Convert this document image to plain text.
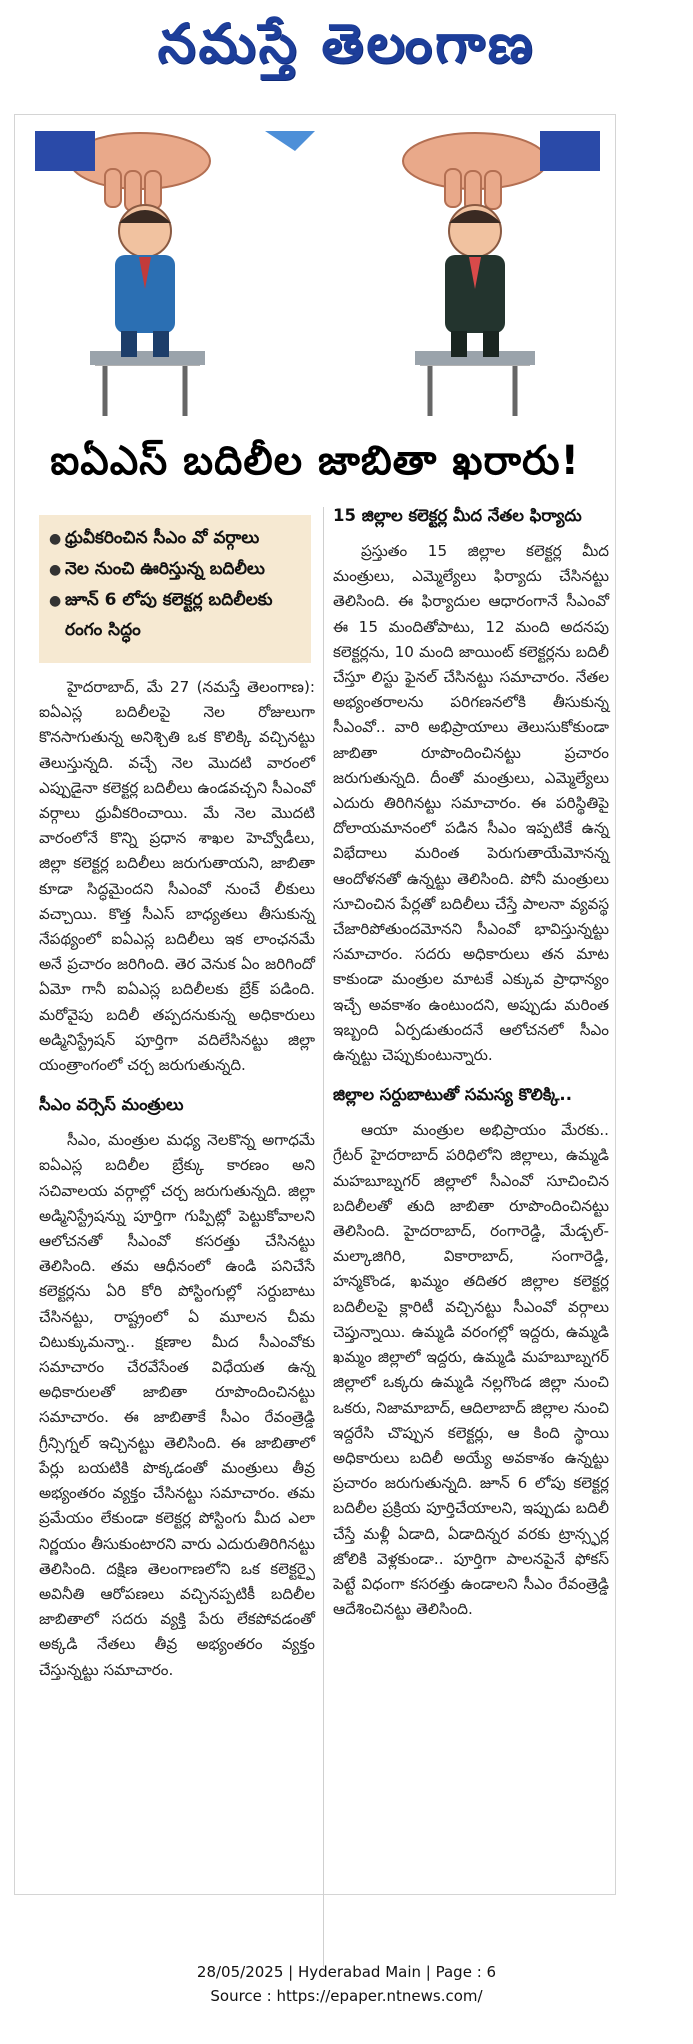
నమస్తే తెలంగాణ
ఐఏఎస్ బదిలీల జాబితా ఖరారు!
● ధ్రువీకరించిన సీఎం వో వర్గాలు
● నెల నుంచి ఊరిస్తున్న బదిలీలు
● జూన్ 6 లోపు కలెక్టర్ల బదిలీలకు రంగం సిద్ధం

హైదరాబాద్, మే 27 (నమస్తే తెలంగాణ): ఐఏఎస్ల బదిలీలపై నెల రోజులుగా కొనసాగుతున్న అనిశ్చితి ఒక కొలిక్కి వచ్చినట్టు తెలుస్తున్నది. వచ్చే నెల మొదటి వారంలో ఎప్పుడైనా కలెక్టర్ల బదిలీలు ఉండవచ్చని సీఎంవో వర్గాలు ధ్రువీకరించాయి. మే నెల మొదటి వారంలోనే కొన్ని ప్రధాన శాఖల హెచ్వోడీలు, జిల్లా కలెక్టర్ల బదిలీలు జరుగుతాయని, జాబితా కూడా సిద్ధమైందని సీఎంవో నుంచే లీకులు వచ్చాయి. కొత్త సీఎస్ బాధ్యతలు తీసుకున్న నేపథ్యంలో ఐఏఎస్ల బదిలీలు ఇక లాంఛనమే అనే ప్రచారం జరిగింది. తెర వెనుక ఏం జరిగిందో ఏమో గానీ ఐఏఎస్ల బదిలీలకు బ్రేక్ పడింది. మరోవైపు బదిలీ తప్పదనుకున్న అధికారులు అడ్మినిస్ట్రేషన్ పూర్తిగా వదిలేసినట్టు జిల్లా యంత్రాంగంలో చర్చ జరుగుతున్నది.

సీఎం వర్సెస్ మంత్రులు

సీఎం, మంత్రుల మధ్య నెలకొన్న అగాధమే ఐఏఎస్ల బదిలీల బ్రేక్కు కారణం అని సచివాలయ వర్గాల్లో చర్చ జరుగుతున్నది. జిల్లా అడ్మినిస్ట్రేషన్ను పూర్తిగా గుప్పిట్లో పెట్టుకోవాలని ఆలోచనతో సీఎంవో కసరత్తు చేసినట్టు తెలిసింది. తమ ఆధీనంలో ఉండి పనిచేసే కలెక్టర్లను ఏరి కోరి పోస్టింగుల్లో సర్దుబాటు చేసినట్టు, రాష్ట్రంలో ఏ మూలన చీమ చిటుక్కుమన్నా.. క్షణాల మీద సీఎంవోకు సమాచారం చేరవేసేంత విధేయత ఉన్న అధికారులతో జాబితా రూపొందించినట్టు సమాచారం. ఈ జాబితాకే సీఎం రేవంత్రెడ్డి గ్రీన్సిగ్నల్ ఇచ్చినట్టు తెలిసింది. ఈ జాబితాలో పేర్లు బయటికి పొక్కడంతో మంత్రులు తీవ్ర అభ్యంతరం వ్యక్తం చేసినట్టు సమాచారం. తమ ప్రమేయం లేకుండా కలెక్టర్ల పోస్టింగు మీద ఎలా నిర్ణయం తీసుకుంటారని వారు ఎదురుతిరిగినట్టు తెలిసింది. దక్షిణ తెలంగాణలోని ఒక కలెక్టర్పై అవినీతి ఆరోపణలు వచ్చినప్పటికీ బదిలీల జాబితాలో సదరు వ్యక్తి పేరు లేకపోవడంతో అక్కడి నేతలు తీవ్ర అభ్యంతరం వ్యక్తం చేస్తున్నట్టు సమాచారం.

15 జిల్లాల కలెక్టర్ల మీద నేతల ఫిర్యాదు

ప్రస్తుతం 15 జిల్లాల కలెక్టర్ల మీద మంత్రులు, ఎమ్మెల్యేలు ఫిర్యాదు చేసినట్టు తెలిసింది. ఈ ఫిర్యాదుల ఆధారంగానే సీఎంవో ఈ 15 మందితోపాటు, 12 మంది అదనపు కలెక్టర్లను, 10 మంది జాయింట్ కలెక్టర్లను బదిలీ చేస్తూ లిస్టు ఫైనల్ చేసినట్టు సమాచారం. నేతల అభ్యంతరాలను పరిగణనలోకి తీసుకున్న సీఎంవో.. వారి అభిప్రాయాలు తెలుసుకోకుండా జాబితా రూపొందించినట్టు ప్రచారం జరుగుతున్నది. దీంతో మంత్రులు, ఎమ్మెల్యేలు ఎదురు తిరిగినట్టు సమాచారం. ఈ పరిస్థితిపై దోలాయమానంలో పడిన సీఎం ఇప్పటికే ఉన్న విభేదాలు మరింత పెరుగుతాయేమోనన్న ఆందోళనతో ఉన్నట్టు తెలిసింది. పోనీ మంత్రులు సూచించిన పేర్లతో బదిలీలు చేస్తే పాలనా వ్యవస్థ చేజారిపోతుందమోనని సీఎంవో భావిస్తున్నట్టు సమాచారం. సదరు అధికారులు తన మాట కాకుండా మంత్రుల మాటకే ఎక్కువ ప్రాధాన్యం ఇచ్చే అవకాశం ఉంటుందని, అప్పుడు మరింత ఇబ్బంది ఏర్పడుతుందనే ఆలోచనలో సీఎం ఉన్నట్టు చెప్పుకుంటున్నారు.

జిల్లాల సర్దుబాటుతో సమస్య కొలిక్కి..

ఆయా మంత్రుల అభిప్రాయం మేరకు.. గ్రేటర్ హైదరాబాద్ పరిధిలోని జిల్లాలు, ఉమ్మడి మహబూబ్నగర్ జిల్లాలో సీఎంవో సూచించిన బదిలీలతో తుది జాబితా రూపొందించినట్టు తెలిసింది. హైదరాబాద్, రంగారెడ్డి, మేడ్చల్-మల్కాజిగిరి, వికారాబాద్, సంగారెడ్డి, హన్మకొండ, ఖమ్మం తదితర జిల్లాల కలెక్టర్ల బదిలీలపై క్లారిటీ వచ్చినట్టు సీఎంవో వర్గాలు చెప్తున్నాయి. ఉమ్మడి వరంగల్లో ఇద్దరు, ఉమ్మడి ఖమ్మం జిల్లాలో ఇద్దరు, ఉమ్మడి మహబూబ్నగర్ జిల్లాలో ఒక్కరు ఉమ్మడి నల్లగొండ జిల్లా నుంచి ఒకరు, నిజామాబాద్, ఆదిలాబాద్ జిల్లాల నుంచి ఇద్దరేసి చొప్పున కలెక్టర్లు, ఆ కింది స్థాయి అధికారులు బదిలీ అయ్యే అవకాశం ఉన్నట్టు ప్రచారం జరుగుతున్నది. జూన్ 6 లోపు కలెక్టర్ల బదిలీల ప్రక్రియ పూర్తిచేయాలని, ఇప్పుడు బదిలీ చేస్తే మళ్లీ ఏడాది, ఏడాదిన్నర వరకు ట్రాన్స్ఫర్ల జోలికి వెళ్లకుండా.. పూర్తిగా పాలనపైనే ఫోకస్ పెట్టే విధంగా కసరత్తు ఉండాలని సీఎం రేవంత్రెడ్డి ఆదేశించినట్టు తెలిసింది.

28/05/2025 | Hyderabad Main | Page : 6
Source : https://epaper.ntnews.com/
